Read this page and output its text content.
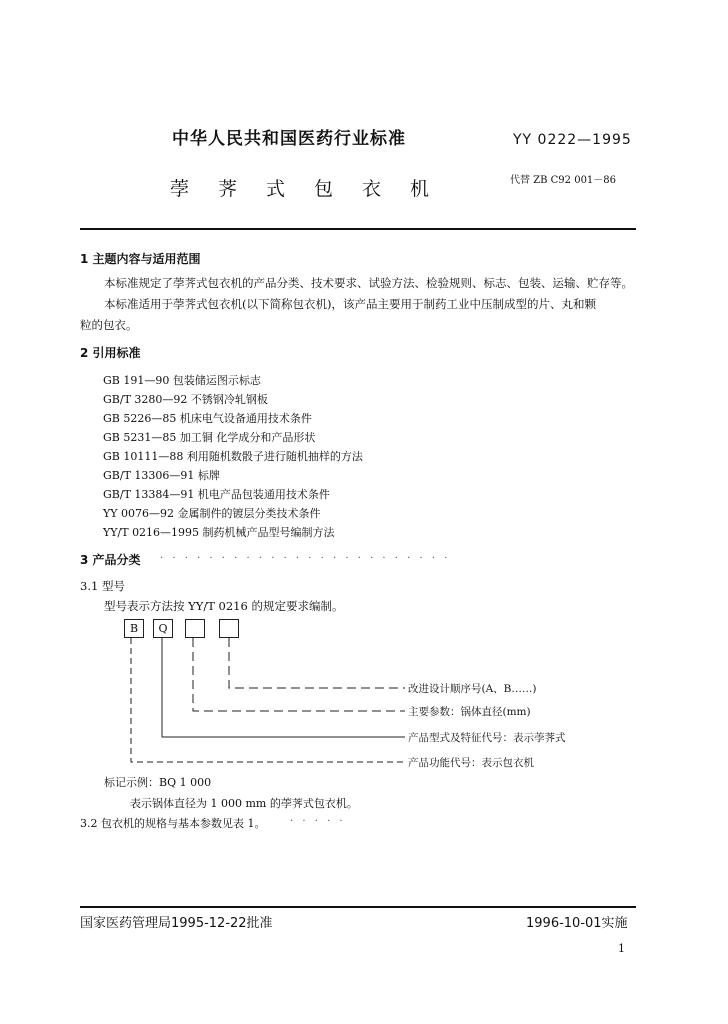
中华人民共和国医药行业标准	YY 0222—1995
荸荠式包衣机	代替 ZB C92 001－86
1 主题内容与适用范围
本标准规定了荸荠式包衣机的产品分类、技术要求、试验方法、检验规则、标志、包装、运输、贮存等。
本标准适用于荸荠式包衣机(以下简称包衣机)，该产品主要用于制药工业中压制成型的片、丸和颗
粒的包衣。
2 引用标准
GB 191—90 包装储运图示标志
GB/T 3280—92 不锈钢冷轧钢板
GB 5226—85 机床电气设备通用技术条件
GB 5231—85 加工铜 化学成分和产品形状
GB 10111—88 利用随机数骰子进行随机抽样的方法
GB/T 13306—91 标牌
GB/T 13384—91 机电产品包装通用技术条件
YY 0076—92 金属制件的镀层分类技术条件
YY/T 0216—1995 制药机械产品型号编制方法
3 产品分类 · · · · · · · · · · · · · · · · · · · · · · · ·
3.1 型号
型号表示方法按 YY/T 0216 的规定要求编制。
B	Q
改进设计顺序号(A、B……)
主要参数：锅体直径(mm)
产品型式及特征代号：表示荸荠式
产品功能代号：表示包衣机
标记示例：BQ 1 000
表示锅体直径为 1 000 mm 的荸荠式包衣机。
3.2 包衣机的规格与基本参数见表 1。 · · · · ·
国家医药管理局1995-12-22批准	1996-10-01实施
1
